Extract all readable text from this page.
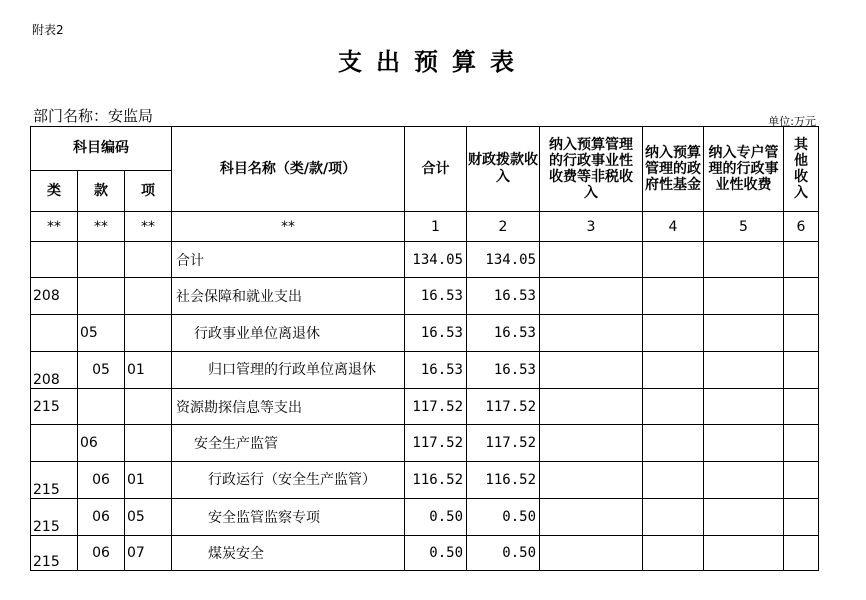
附表2
支出预算表
部门名称：安监局	单位:万元
科目编码			科目名称（类/款/项）	合计	财政拨款收入	纳入预算管理的行政事业性收费等非税收入	纳入预算管理的政府性基金	纳入专户管理的行政事业性收费	其他收入
类	款	项							
**	**	**	**	1	2	3	4	5	6
			合计	134.05	134.05				
208			社会保障和就业支出	16.53	16.53				
	05		行政事业单位离退休	16.53	16.53				
208	05	01	归口管理的行政单位离退休	16.53	16.53				
215			资源勘探信息等支出	117.52	117.52				
	06		安全生产监管	117.52	117.52				
215	06	01	行政运行（安全生产监管）	116.52	116.52				
215	06	05	安全监管监察专项	0.50	0.50				
215	06	07	煤炭安全	0.50	0.50				
